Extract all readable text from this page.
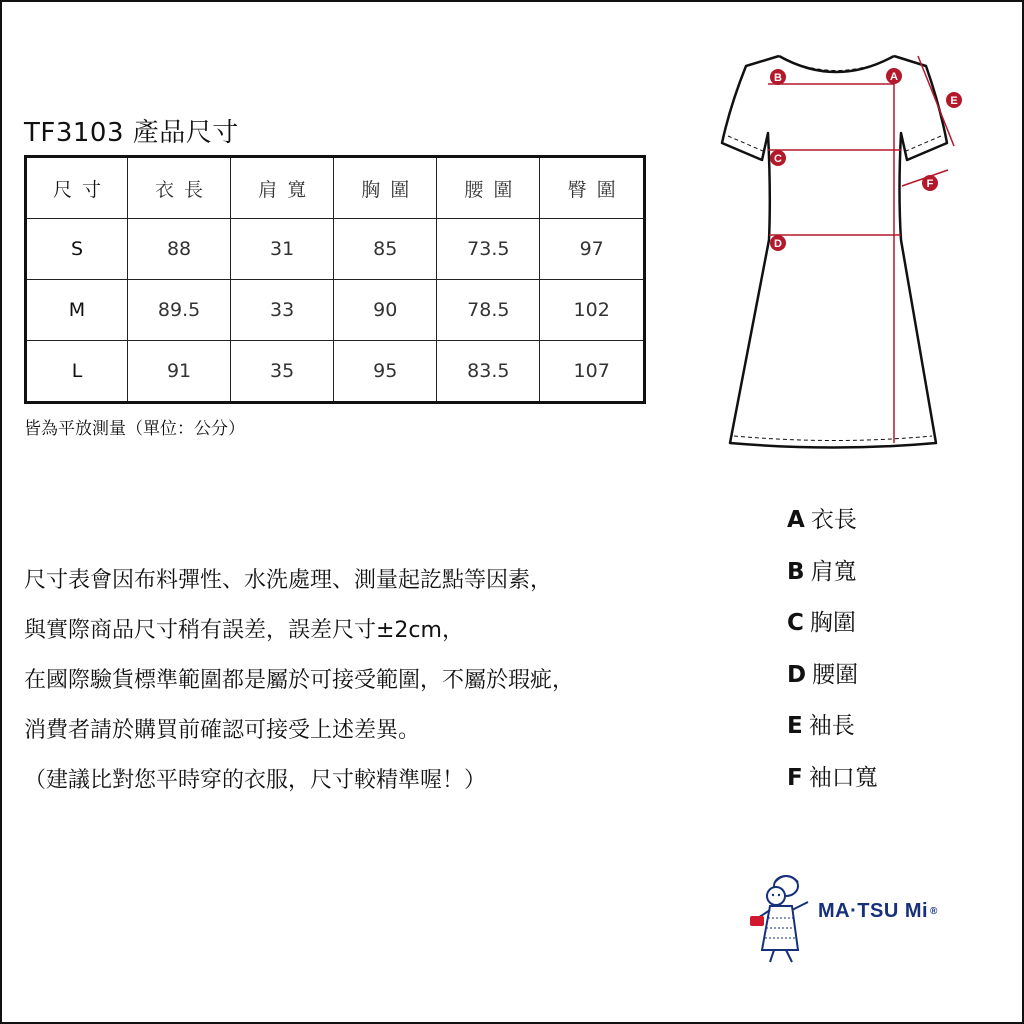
TF3103 產品尺寸
尺寸	衣長	肩寬	胸圍	腰圍	臀圍
S	88	31	85	73.5	97
M	89.5	33	90	78.5	102
L	91	35	95	83.5	107
皆為平放測量（單位：公分）
尺寸表會因布料彈性、水洗處理、測量起訖點等因素，
與實際商品尺寸稍有誤差，誤差尺寸±2cm，
在國際驗貨標準範圍都是屬於可接受範圍，不屬於瑕疵，
消費者請於購買前確認可接受上述差異。
（建議比對您平時穿的衣服，尺寸較精準喔！）
A
B
C
D
E
F
A 衣長
B 肩寬
C 胸圍
D 腰圍
E 袖長
F 袖口寬
MA·TSU Mi ®
